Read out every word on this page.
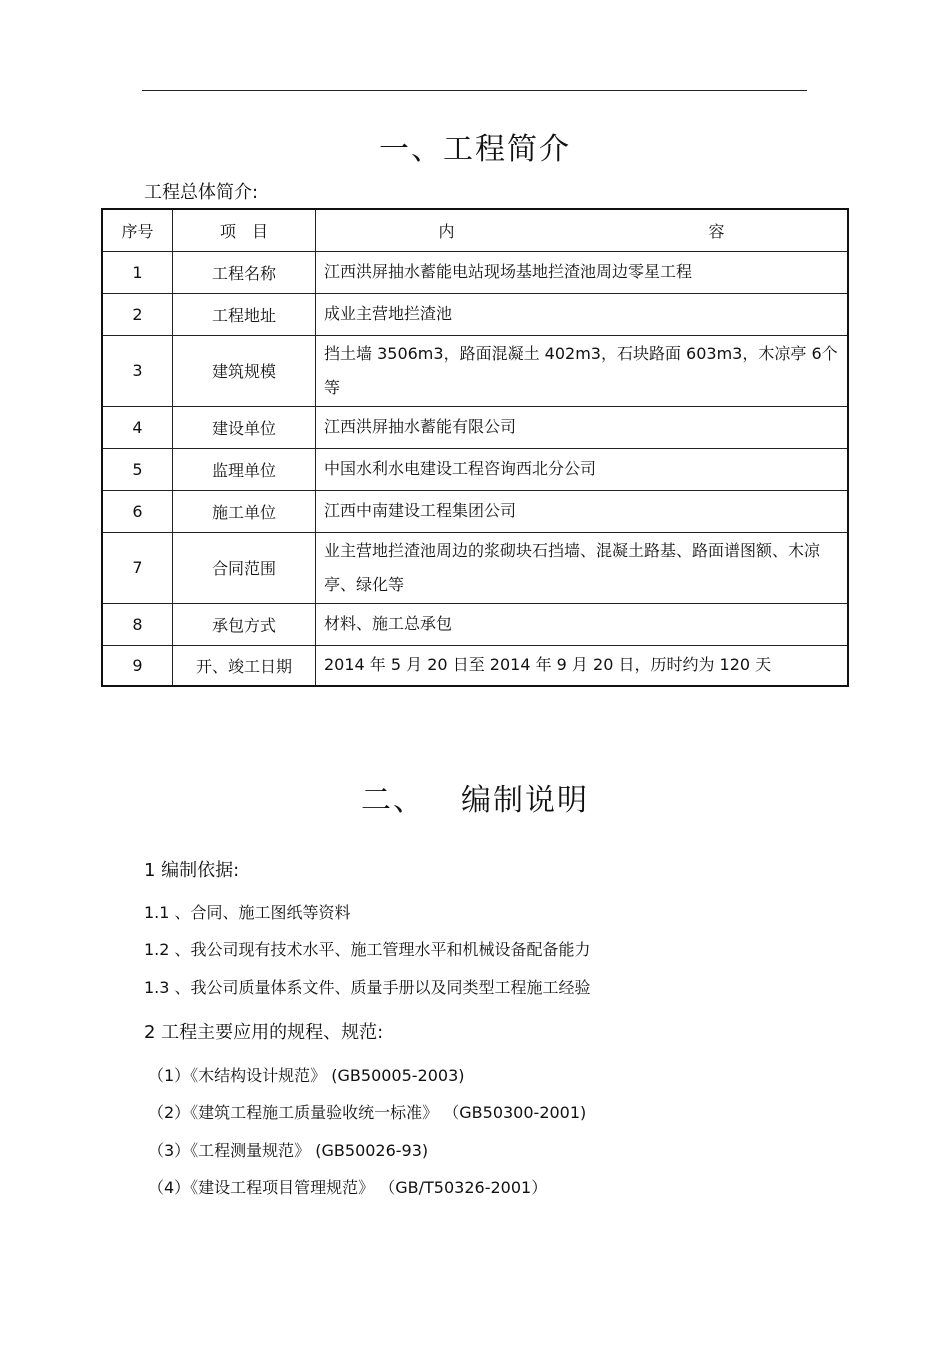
一、工程简介
工程总体简介:
序号	项　目	内 容
1	工程名称	江西洪屏抽水蓄能电站现场基地拦渣池周边零星工程
2	工程地址	成业主营地拦渣池
3	建筑规模	挡土墙 3506m3，路面混凝土 402m3，石块路面 603m3，木凉亭 6个等
4	建设单位	江西洪屏抽水蓄能有限公司
5	监理单位	中国水利水电建设工程咨询西北分公司
6	施工单位	江西中南建设工程集团公司
7	合同范围	业主营地拦渣池周边的浆砌块石挡墙、混凝土路基、路面谱图额、木凉亭、绿化等
8	承包方式	材料、施工总承包
9	开、竣工日期	2014 年 5 月 20 日至 2014 年 9 月 20 日，历时约为 120 天
二、 编制说明
1 编制依据:
1.1 、合同、施工图纸等资料
1.2 、我公司现有技术水平、施工管理水平和机械设备配备能力
1.3 、我公司质量体系文件、质量手册以及同类型工程施工经验
2 工程主要应用的规程、规范:
（1）《木结构设计规范》 (GB50005-2003)
（2）《建筑工程施工质量验收统一标准》 （GB50300-2001)
（3）《工程测量规范》 (GB50026-93)
（4）《建设工程项目管理规范》 （GB/T50326-2001）
